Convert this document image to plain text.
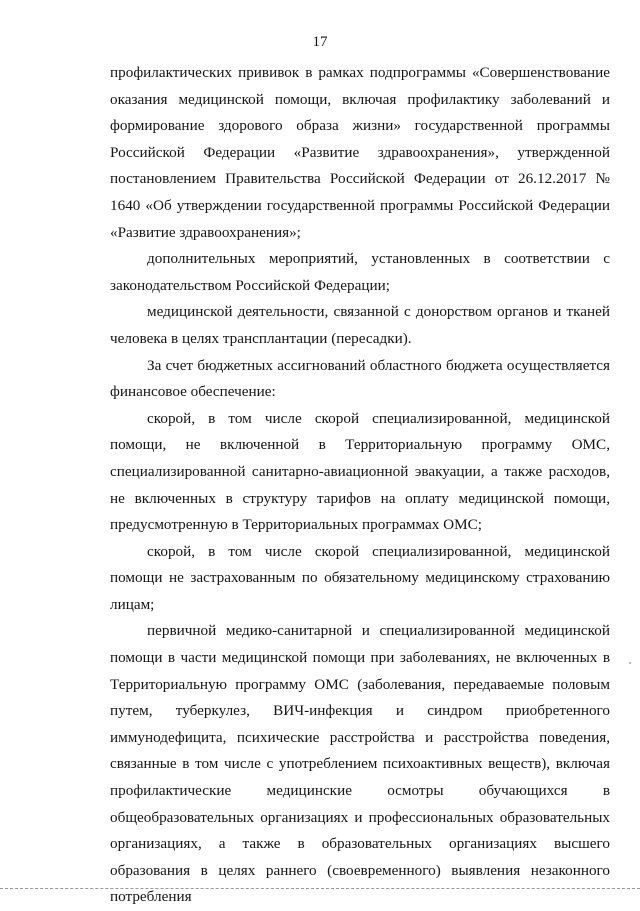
17

профилактических прививок в рамках подпрограммы «Совершенствование оказания медицинской помощи, включая профилактику заболеваний и формирование здорового образа жизни» государственной программы Российской Федерации «Развитие здравоохранения», утвержденной постановлением Правительства Российской Федерации от 26.12.2017 № 1640 «Об утверждении государственной программы Российской Федерации «Развитие здравоохранения»;

дополнительных мероприятий, установленных в соответствии с законодательством Российской Федерации;

медицинской деятельности, связанной с донорством органов и тканей человека в целях трансплантации (пересадки).

За счет бюджетных ассигнований областного бюджета осуществляется финансовое обеспечение:

скорой, в том числе скорой специализированной, медицинской помощи, не включенной в Территориальную программу ОМС, специализированной санитарно-авиационной эвакуации, а также расходов, не включенных в структуру тарифов на оплату медицинской помощи, предусмотренную в Территориальных программах ОМС;

скорой, в том числе скорой специализированной, медицинской помощи не застрахованным по обязательному медицинскому страхованию лицам;

первичной медико-санитарной и специализированной медицинской помощи в части медицинской помощи при заболеваниях, не включенных в Территориальную программу ОМС (заболевания, передаваемые половым путем, туберкулез, ВИЧ-инфекция и синдром приобретенного иммунодефицита, психические расстройства и расстройства поведения, связанные в том числе с употреблением психоактивных веществ), включая профилактические медицинские осмотры обучающихся в общеобразовательных организациях и профессиональных образовательных организациях, а также в образовательных организациях высшего образования в целях раннего (своевременного) выявления незаконного потребления
